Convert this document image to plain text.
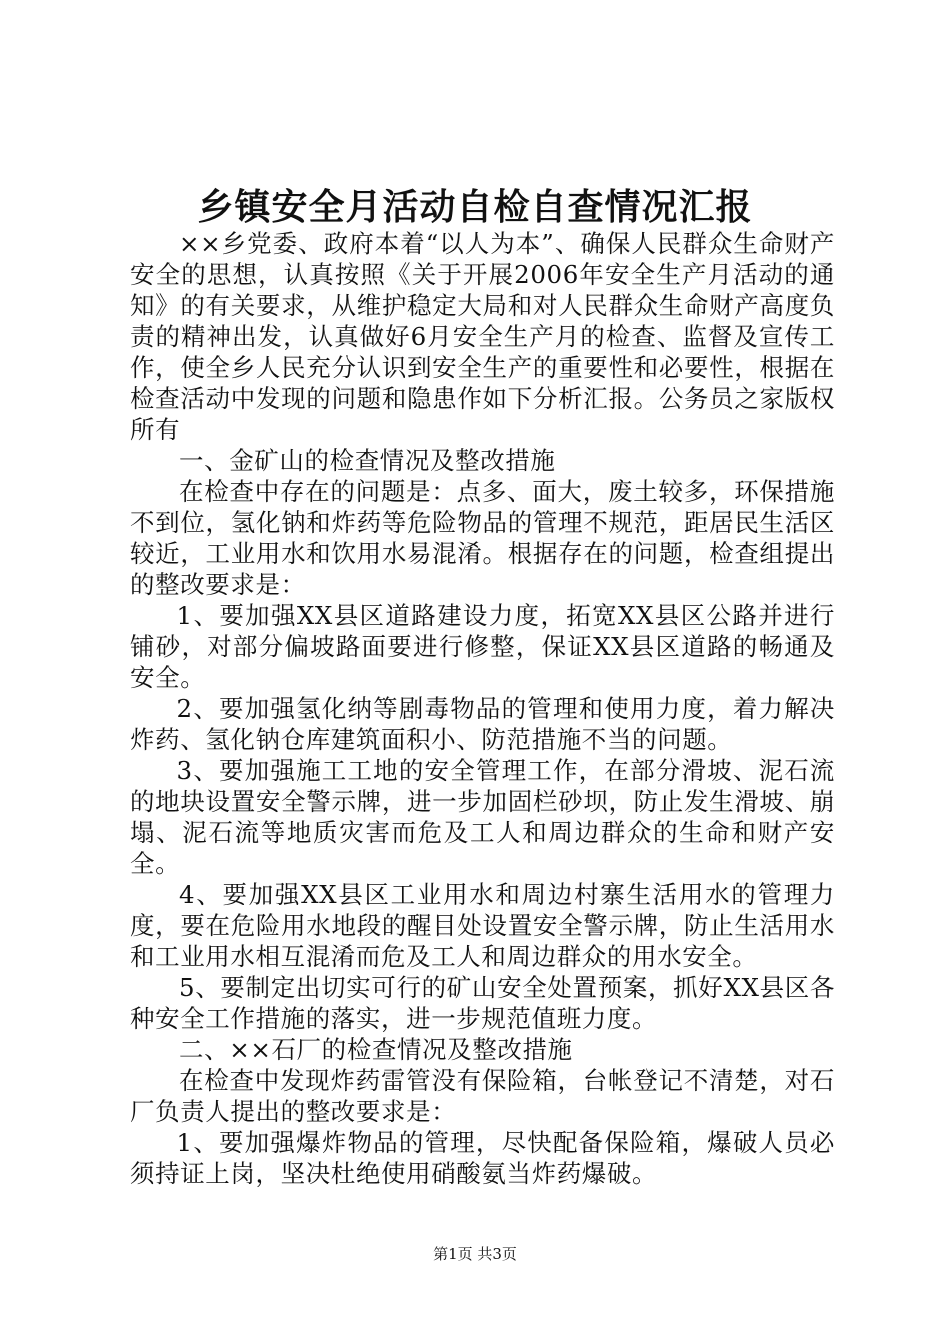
乡镇安全月活动自检自查情况汇报

××乡党委、政府本着“以人为本”、确保人民群众生命财产安全的思想，认真按照《关于开展2006年安全生产月活动的通知》的有关要求，从维护稳定大局和对人民群众生命财产高度负责的精神出发，认真做好6月安全生产月的检查、监督及宣传工作，使全乡人民充分认识到安全生产的重要性和必要性，根据在检查活动中发现的问题和隐患作如下分析汇报。公务员之家版权所有

一、金矿山的检查情况及整改措施

在检查中存在的问题是：点多、面大，废土较多，环保措施不到位，氢化钠和炸药等危险物品的管理不规范，距居民生活区较近，工业用水和饮用水易混淆。根据存在的问题，检查组提出的整改要求是：

1、要加强XX县区道路建设力度，拓宽XX县区公路并进行铺砂，对部分偏坡路面要进行修整，保证XX县区道路的畅通及安全。

2、要加强氢化纳等剧毒物品的管理和使用力度，着力解决炸药、氢化钠仓库建筑面积小、防范措施不当的问题。

3、要加强施工工地的安全管理工作，在部分滑坡、泥石流的地块设置安全警示牌，进一步加固栏砂坝，防止发生滑坡、崩塌、泥石流等地质灾害而危及工人和周边群众的生命和财产安全。

4、要加强XX县区工业用水和周边村寨生活用水的管理力度，要在危险用水地段的醒目处设置安全警示牌，防止生活用水和工业用水相互混淆而危及工人和周边群众的用水安全。

5、要制定出切实可行的矿山安全处置预案，抓好XX县区各种安全工作措施的落实，进一步规范值班力度。

二、××石厂的检查情况及整改措施

在检查中发现炸药雷管没有保险箱，台帐登记不清楚，对石厂负责人提出的整改要求是：

1、要加强爆炸物品的管理，尽快配备保险箱，爆破人员必须持证上岗，坚决杜绝使用硝酸氨当炸药爆破。

第1页 共3页
